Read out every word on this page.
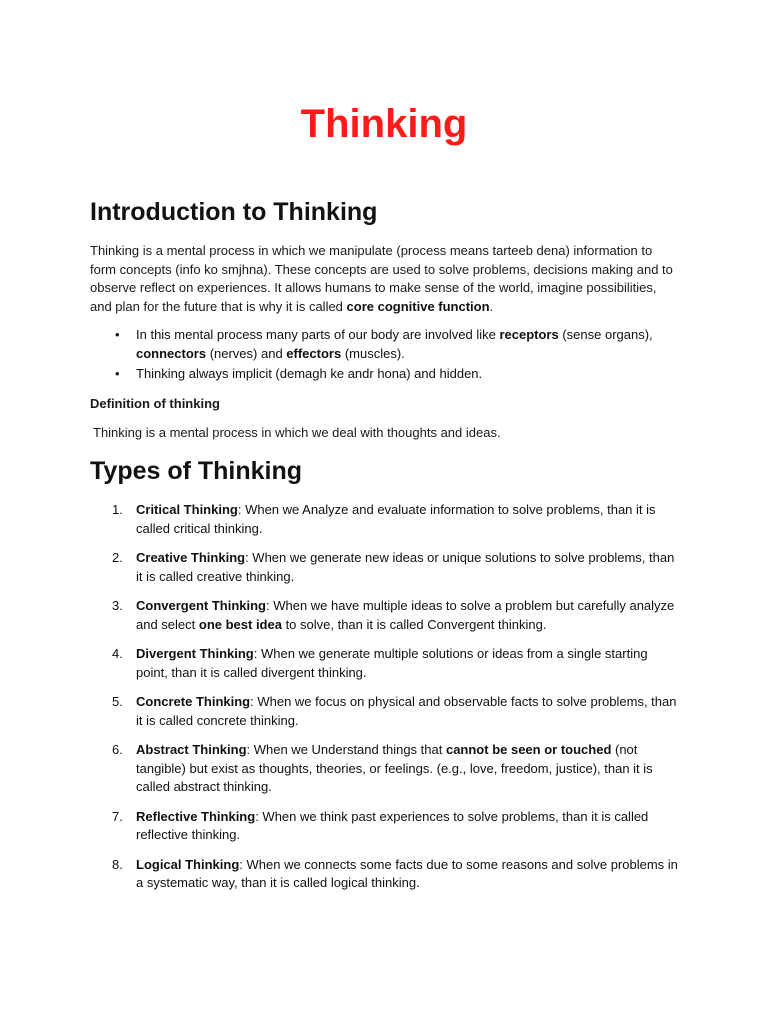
Thinking
Introduction to Thinking

Thinking is a mental process in which we manipulate (process means tarteeb dena) information to form concepts (info ko smjhna). These concepts are used to solve problems, decisions making and to observe reflect on experiences. It allows humans to make sense of the world, imagine possibilities, and plan for the future that is why it is called core cognitive function.

• In this mental process many parts of our body are involved like receptors (sense organs), connectors (nerves) and effectors (muscles).
• Thinking always implicit (demagh ke andr hona) and hidden.

Definition of thinking

Thinking is a mental process in which we deal with thoughts and ideas.

Types of Thinking
1. Critical Thinking: When we Analyze and evaluate information to solve problems, than it is called critical thinking.
2. Creative Thinking: When we generate new ideas or unique solutions to solve problems, than it is called creative thinking.
3. Convergent Thinking: When we have multiple ideas to solve a problem but carefully analyze and select one best idea to solve, than it is called Convergent thinking.
4. Divergent Thinking: When we generate multiple solutions or ideas from a single starting point, than it is called divergent thinking.
5. Concrete Thinking: When we focus on physical and observable facts to solve problems, than it is called concrete thinking.
6. Abstract Thinking: When we Understand things that cannot be seen or touched (not tangible) but exist as thoughts, theories, or feelings. (e.g., love, freedom, justice), than it is called abstract thinking.
7. Reflective Thinking: When we think past experiences to solve problems, than it is called reflective thinking.
8. Logical Thinking: When we connects some facts due to some reasons and solve problems in a systematic way, than it is called logical thinking.
